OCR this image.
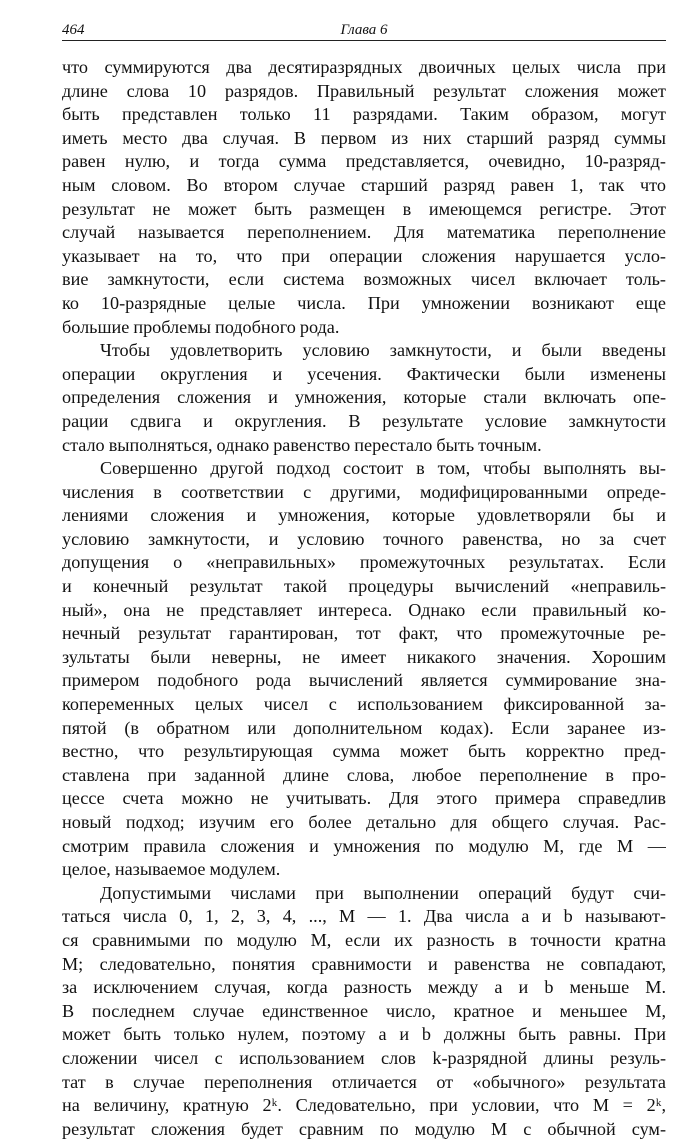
464	Глава 6
что суммируются два десятиразрядных двоичных целых числа при
длине слова 10 разрядов. Правильный результат сложения может
быть представлен только 11 разрядами. Таким образом, могут
иметь место два случая. В первом из них старший разряд суммы
равен нулю, и тогда сумма представляется, очевидно, 10-разряд-
ным словом. Во втором случае старший разряд равен 1, так что
результат не может быть размещен в имеющемся регистре. Этот
случай называется переполнением. Для математика переполнение
указывает на то, что при операции сложения нарушается усло-
вие замкнутости, если система возможных чисел включает толь-
ко 10-разрядные целые числа. При умножении возникают еще
большие проблемы подобного рода.
Чтобы удовлетворить условию замкнутости, и были введены
операции округления и усечения. Фактически были изменены
определения сложения и умножения, которые стали включать опе-
рации сдвига и округления. В результате условие замкнутости
стало выполняться, однако равенство перестало быть точным.
Совершенно другой подход состоит в том, чтобы выполнять вы-
числения в соответствии с другими, модифицированными опреде-
лениями сложения и умножения, которые удовлетворяли бы и
условию замкнутости, и условию точного равенства, но за счет
допущения о «неправильных» промежуточных результатах. Если
и конечный результат такой процедуры вычислений «неправиль-
ный», она не представляет интереса. Однако если правильный ко-
нечный результат гарантирован, тот факт, что промежуточные ре-
зультаты были неверны, не имеет никакого значения. Хорошим
примером подобного рода вычислений является суммирование зна-
копеременных целых чисел с использованием фиксированной за-
пятой (в обратном или дополнительном кодах). Если заранее из-
вестно, что результирующая сумма может быть корректно пред-
ставлена при заданной длине слова, любое переполнение в про-
цессе счета можно не учитывать. Для этого примера справедлив
новый подход; изучим его более детально для общего случая. Рас-
смотрим правила сложения и умножения по модулю M, где M —
целое, называемое модулем.
Допустимыми числами при выполнении операций будут счи-
таться числа 0, 1, 2, 3, 4, ..., M — 1. Два числа a и b называют-
ся сравнимыми по модулю M, если их разность в точности кратна
M; следовательно, понятия сравнимости и равенства не совпадают,
за исключением случая, когда разность между a и b меньше M.
В последнем случае единственное число, кратное и меньшее M,
может быть только нулем, поэтому a и b должны быть равны. При
сложении чисел с использованием слов k-разрядной длины резуль-
тат в случае переполнения отличается от «обычного» результата
на величину, кратную 2ᵏ. Следовательно, при условии, что M = 2ᵏ,
результат сложения будет сравним по модулю M с обычной сум-
